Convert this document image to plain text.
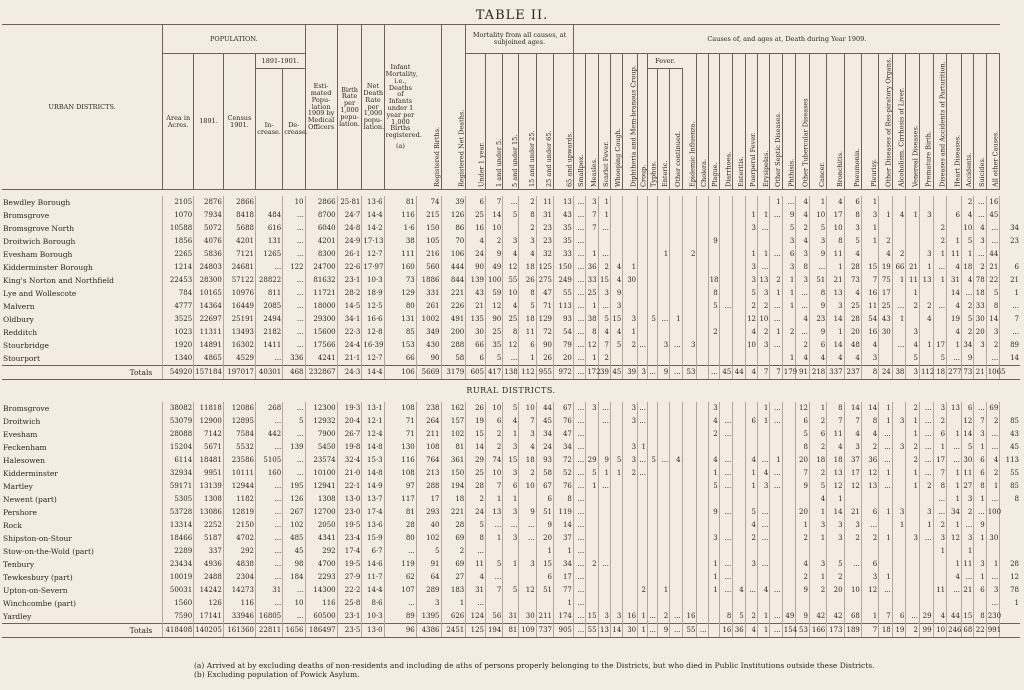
TABLE II.
URBAN DISTRICTS.	POPULATION.					Esti-mated Popu-lation 1909 by Medical Officers	Birth Rate per 1,000 popu-lation.	Net Death Rate per 1,000 popu-lation.	Infant Mortality, i.e., Deaths of Infants under 1 year per 1,000 Births registered.
(a)	Registered Births.	Registered Net Deaths.	Mortality from all causes, at subjoined ages.						Causes of, and ages at, Death during Year 1909.																																
	Area in Acres.	1891.	Census 1901.	1891-1901.								Under 1 year.	1 and under 5.	5 and under 15.	15 and under 25.	25 and under 65.	65 and upwards.	Smallpox.	Measles.	Scarlet Fever.	Whooping Cough.	Diphtheria and Mem-branous Croup.	Croup.	Fever.			Epidemic Influenza.	Cholera.	Plague.	Diarrhoea.	Enteritis.	Puerperal Fever.	Erysipelas.	Other Septic Diseases.	Phthisis.	Other Tubercular Diseases	Cancer.	Bronchitis.	Pneumonia.	Pleurisy.	Other Diseases of Res-piratory Organs.	Alcoholism. Cirrhosis of Liver.	Venereal Diseases.	Premature Birth.	Diseases and Accidents of Parturition.	Heart Diseases.	Accidents.	Suicides.	All other Causes.	
				In-crease.	De-crease.																			Typhus.	Enteric.	Other continued.																								

Bewdley Borough	2105	2876	2866		10	2866	25·81	13·6	81	74	39	6	7	...	2	11	13	...	3	1														1	...	4	1	4	6	1							2	...	16	
Bromsgrove	1070	7934	8418	484	...	8700	24·7	14·4	116	215	126	25	14	5	8	31	43	...	7	1												1	1	...	9	4	10	17	8	3	1	4	1	3		6	4	...	45	
Bromsgrove North	10588	5072	5688	616	...	6040	24·8	14·2	1·6	150	86	16	10		2	23	35	...	7	...												3	...		5	2	5	10	3	1					2		10	4	...	34
Droitwich Borough	1856	4076	4201	131	...	4201	24·9	17·13	38	105	70	4	2	3	3	23	35	...											9						3	4	3	8	5	1	2				2	1	5	3	...	23
Evesham Borough	2265	5836	7121	1265	...	8300	26·1	12·7	111	216	106	24	9	4	4	32	33	...	1	...					1		2					1	1	...	6	3	9	11	4		4	2		3	1	11	1	...	44	
Kidderminster Borough	1214	24803	24681	...	122	24700	22·6	17·97	160	560	444	90	49	12	18	125	150	...	36	2	4	1										3	...		3	8	...	1	28	15	19	66	21	1	...	4	18	2	21	6
King's Norton and Northfield	22453	28300	57122	28822	...	81632	23·1	10·3	73	1886	844	139	100	55	26	275	249	...	33	15	4	30							18			3	13	2	1	3	51	21	73	7	75	1	11	13	1	31	4	78	22	21
Lye and Wollescote	784	10165	10976	811	...	11721	28·2	18·9	129	331	221	43	59	10	8	47	55	...	25	3	9								8			5	3	1	1	...	8	13	4	16	17		1			14	...	18	5	1
Malvern	4777	14364	16449	2085	...	18000	14·5	12·5	80	261	226	21	12	4	5	71	113	...	1	...	3								5	...		2	2	...	1	...	9	3	25	11	25	...	2	2	...	4	2	33	8	...
Oldbury	3525	22697	25191	2494	...	29300	34·1	16·6	131	1002	491	135	90	25	18	129	93	...	38	5	15	3		5	...	1						12	10	...		4	23	14	28	54	43	1		4		19	5	30	14	7
Redditch	1023	11311	13493	2182	...	15600	22·3	12·8	85	349	200	30	25	8	11	72	54	...	8	4	4	1							2			4	2	1	2	...	9	1	20	16	30		3			4	2	20	3	...
Stourbridge	1920	14891	16302	1411	...	17566	24·4	16·39	153	430	288	66	35	12	6	90	79	...	12	7	5	2	...		3	...	3					10	3	...		2	6	14	48	4		...	4	1	17	1	34	3	2	89
Stourport	1340	4865	4529	...	336	4241	21·1	12·7	66	90	58	6	5	...	1	26	20	...	1	2															1	4	4	4	4	3			5		5	...	9		...	14
Totals	54920	157184	197017	40301	468	232867	24·3	14·4	106	5669	3179	605	417	138	112	955	972	...	172	39	45	39	3	...	9	...	53		...	45	44	4	7	7	179	91	218	337	237	8	24	38	3	112	18	277	73	21	1065	
RURAL DISTRICTS.																																																		
Bromsgrove	38082	11818	12086	268	...	12300	19·3	13·1	108	238	162	26	10	5	10	44	67	...	3	...		3	...						3				1	...		12	1	8	14	14	1		2	...	3	13	6	...	69	
Droitwich	53079	12900	12895	...	5	12932	20·4	12·1	71	264	157	19	6	4	7	45	76	...		...		3	...						4	...		6	1	...		6	2	7	7	8	1	3	1	...	2		12	7	2	85
Evesham	28088	7142	7584	442	...	7900	26·7	12·4	71	211	102	15	2	1	3	34	47	...											2	...						5	6	11	4	4	...		1	...	6	1	14	3	...	43
Feckenham	15204	5671	5532	...	139	5450	19·8	14·8	130	108	81	14	2	3	4	24	34	...				3	1													8	2	4	3	2	...	3	2	...	1	...	5	1	...	45
Halesowen	6114	18481	23586	5105	...	23574	32·4	15·3	116	764	361	29	74	15	18	93	72	...	29	9	5	3	...	5	...	4			4	...		4	...	1		20	18	18	37	36	...		2	...	17	...	30	6	4	113
Kidderminster	32934	9951	10111	160	...	10100	21·0	14·8	108	213	150	25	10	3	2	58	52	...	5	1	1	2	...						1	...		1	4	...		7	2	13	17	12	1		1	...	7	1	11	6	2	55
Martley	59171	13139	12944	...	195	12941	22·1	14·9	97	288	194	28	7	6	10	67	76	...	1	...									5	...		1	3	...		9	5	12	12	13	...		1	2	8	1	27	8	1	85
Newent (part)	5305	1308	1182	...	126	1308	13·0	13·7	117	17	18	2	1	1		6	8	...																			4	1							...	1	3	1	...	8
Pershore	53728	13086	12819	...	267	12700	23·0	17·4	81	293	221	24	13	3	9	51	119	...											9	...		5	...			20	1	14	21	6	1	3		3	...	34	2	...	100	
Rock	13314	2252	2150	...	102	2050	19·5	13·6	28	40	28	5	...	...	...	9	14	...														4	...			1	3	3	3	...		1		1	2	1	...	9		
Shipston-on-Stour	18466	5187	4702	...	485	4341	23·4	15·9	80	102	69	8	1	3	...	20	37	...											3	...		2	...			2	1	3	2	2	1		3	...	3	12	3	1	30	
Stow-on-the-Wold (part)	2289	337	292	...	45	292	17·4	6·7	...	5	2	...				1	1	...																											1		1			
Tenbury	23434	4936	4838	...	98	4700	19·5	14·6	119	91	69	11	5	1	3	15	34	...	2	...									1	...		3	...			4	3	5	...	6						1	11	3	1	28
Tewkesbury (part)	10019	2488	2304	...	184	2293	27·9	11·7	62	64	27	4	...			6	17	...											1	...						2	1	2		3	1					4	...	1	...	12
Upton-on-Severn	50031	14242	14273	31	...	14300	22·2	14·4	107	289	183	31	7	5	12	51	77	...					2		1				1	...	4	...	4	...		9	2	20	10	12	...				11	...	21	6	3	78
Winchcombe (part)	1560	126	116	...	10	116	25·8	8·6	...	3	1	...					1	...																															...	1
Yardley	7590	17141	33946	16805	...	60500	23·1	10·3	89	1395	626	124	56	31	30	211	174	...	15	3	3	16	1	...	2	...	16			8	5	2	1	...	49	9	42	42	68	1	7	6	...	29	4	44	15	8	230	
Totals	418408	140205	161360	22811	1656	186497	23·5	13·0	96	4386	2451	125	194	81	109	737	905	...	55	13	14	30	1	...	9	...	55	...		16	36	4	1	...	154	53	166	173	189	7	18	19	2	99	10	246	68	22	991	
(a) Arrived at by excluding deaths of non-residents and including de aths of persons properly belonging to the Districts, but who died in Public Institutions outside these Districts.
(b) Excluding population of Powick Asylum.
